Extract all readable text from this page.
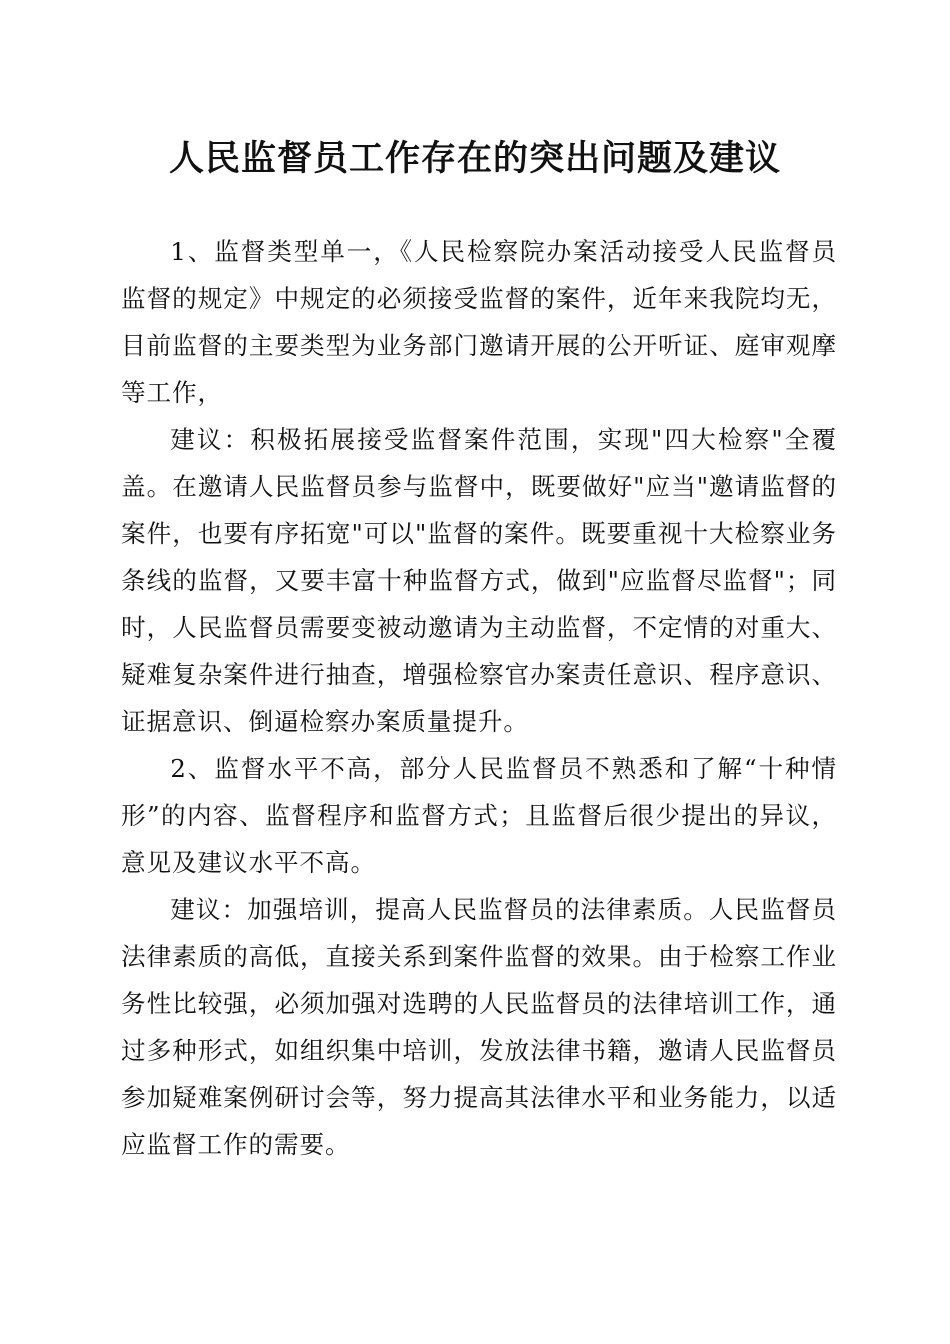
人民监督员工作存在的突出问题及建议

1、监督类型单一，《人民检察院办案活动接受人民监督员监督的规定》中规定的必须接受监督的案件，近年来我院均无，目前监督的主要类型为业务部门邀请开展的公开听证、庭审观摩等工作，

建议：积极拓展接受监督案件范围，实现"四大检察"全覆盖。在邀请人民监督员参与监督中，既要做好"应当"邀请监督的案件，也要有序拓宽"可以"监督的案件。既要重视十大检察业务条线的监督，又要丰富十种监督方式，做到"应监督尽监督"；同时，人民监督员需要变被动邀请为主动监督，不定情的对重大、疑难复杂案件进行抽查，增强检察官办案责任意识、程序意识、证据意识、倒逼检察办案质量提升。

2、监督水平不高，部分人民监督员不熟悉和了解“十种情形”的内容、监督程序和监督方式；且监督后很少提出的异议，意见及建议水平不高。

建议：加强培训，提高人民监督员的法律素质。人民监督员法律素质的高低，直接关系到案件监督的效果。由于检察工作业务性比较强，必须加强对选聘的人民监督员的法律培训工作，通过多种形式，如组织集中培训，发放法律书籍，邀请人民监督员参加疑难案例研讨会等，努力提高其法律水平和业务能力，以适应监督工作的需要。
